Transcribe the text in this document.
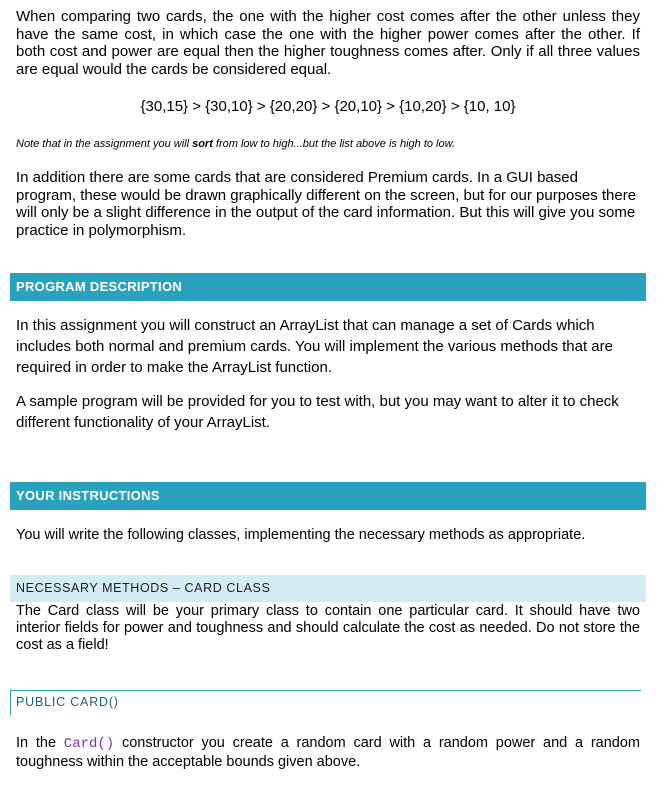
When comparing two cards, the one with the higher cost comes after the other unless they have the same cost, in which case the one with the higher power comes after the other. If both cost and power are equal then the higher toughness comes after. Only if all three values are equal would the cards be considered equal.
{30,15} > {30,10} > {20,20} > {20,10} > {10,20} > {10, 10}
Note that in the assignment you will sort from low to high...but the list above is high to low.
In addition there are some cards that are considered Premium cards. In a GUI based program, these would be drawn graphically different on the screen, but for our purposes there will only be a slight difference in the output of the card information. But this will give you some practice in polymorphism.
PROGRAM DESCRIPTION
In this assignment you will construct an ArrayList that can manage a set of Cards which includes both normal and premium cards. You will implement the various methods that are required in order to make the ArrayList function.
A sample program will be provided for you to test with, but you may want to alter it to check different functionality of your ArrayList.
YOUR INSTRUCTIONS
You will write the following classes, implementing the necessary methods as appropriate.
NECESSARY METHODS – CARD CLASS
The Card class will be your primary class to contain one particular card. It should have two interior fields for power and toughness and should calculate the cost as needed. Do not store the cost as a field!
PUBLIC CARD()
In the Card() constructor you create a random card with a random power and a random toughness within the acceptable bounds given above.
